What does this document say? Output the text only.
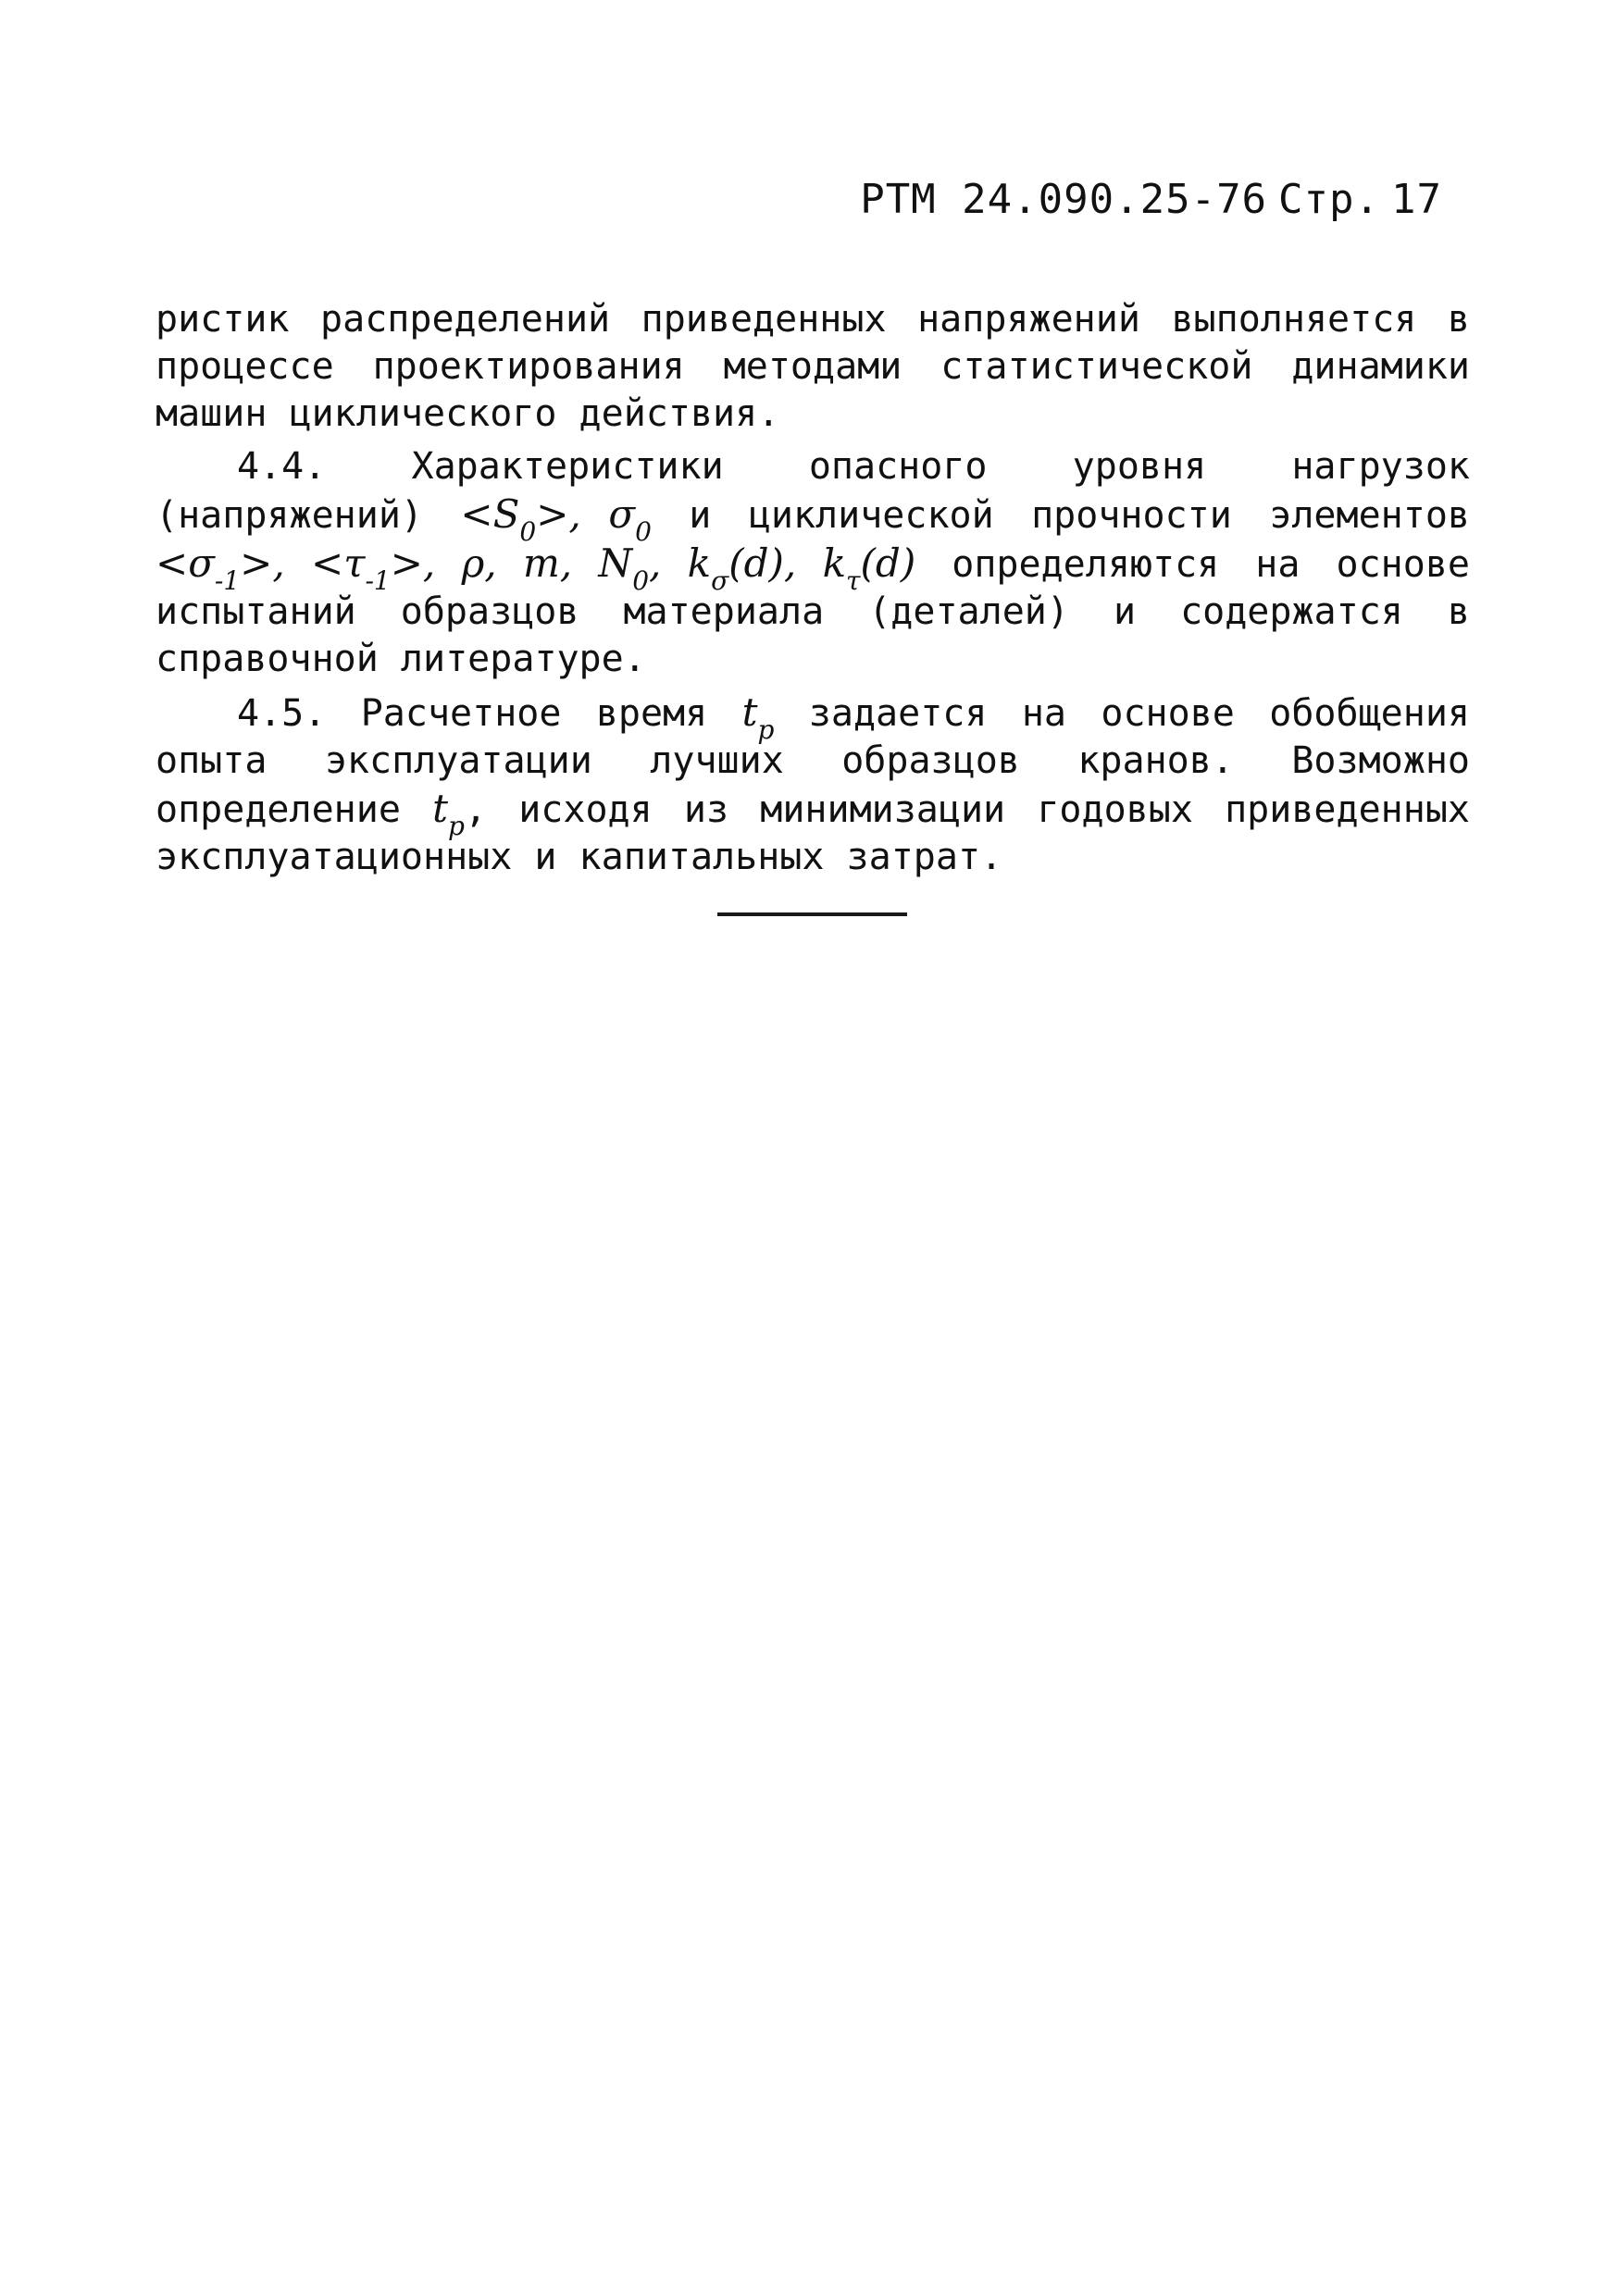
РТМ 24.090.25-76 Стр. 17

ристик распределений приведенных напряжений выполняется в процессе проектирования методами статистической динамики машин циклического действия.

4.4. Характеристики опасного уровня нагрузок (напряжений) $<S_0>$, $\sigma_0$ и циклической прочности элементов $<\sigma_{-1}>$, $<\tau_{-1}>$, ρ, m, $N_0$, $k_\sigma(d)$, $k_\tau(d)$ определяются на основе испытаний образцов материала (деталей) и содержатся в справочной литературе.

4.5. Расчетное время $t_р$ задается на основе обобщения опыта эксплуатации лучших образцов кранов. Возможно определение $t_р$, исходя из минимизации годовых приведенных эксплуатационных и капитальных затрат.
